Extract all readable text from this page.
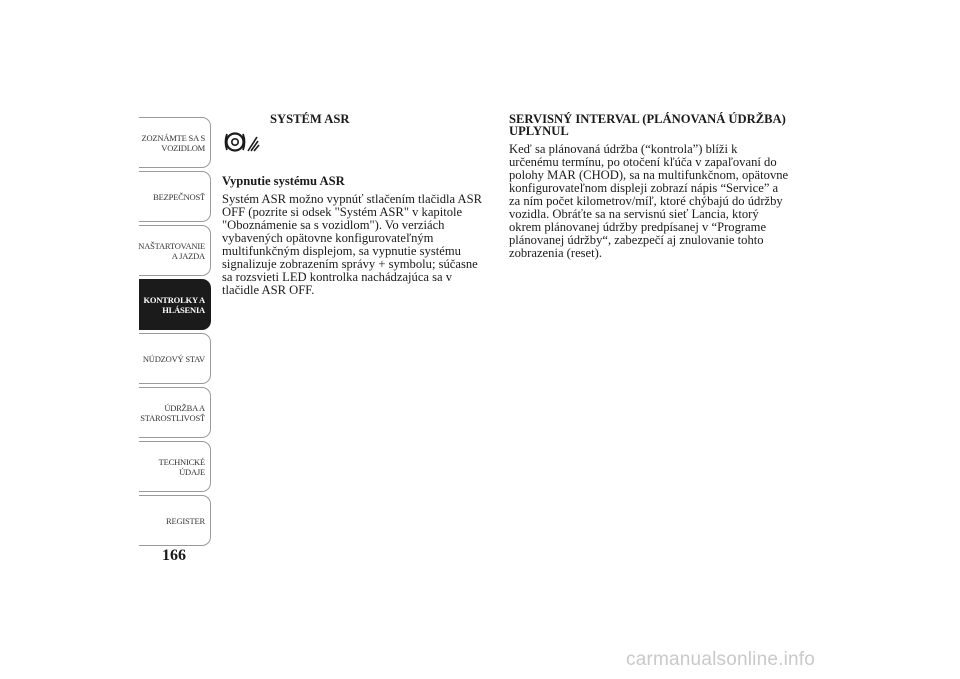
ZOZNÁMTE SA S
VOZIDLOM
BEZPEČNOSŤ
NAŠTARTOVANIE
A JAZDA
KONTROLKY A
HLÁSENIA
NÚDZOVÝ STAV
ÚDRŽBA A
STAROSTLIVOSŤ
TECHNICKÉ
ÚDAJE
REGISTER
166
SYSTÉM ASR
Vypnutie systému ASR

Systém ASR možno vypnúť stlačením tlačidla ASR OFF (pozrite si odsek "Systém ASR" v kapitole "Oboznámenie sa s vozidlom"). Vo verziách vybavených opätovne konfigurovateľným multifunkčným displejom, sa vypnutie systému signalizuje zobrazením správy + symbolu; súčasne sa rozsvieti LED kontrolka nachádzajúca sa v tlačidle ASR OFF.

SERVISNÝ INTERVAL (PLÁNOVANÁ ÚDRŽBA) UPLYNUL

Keď sa plánovaná údržba (“kontrola”) blíži k určenému termínu, po otočení kľúča v zapaľovaní do polohy MAR (CHOD), sa na multifunkčnom, opätovne konfigurovateľnom displeji zobrazí nápis “Service” a za ním počet kilometrov/míľ, ktoré chýbajú do údržby vozidla. Obráťte sa na servisnú sieť Lancia, ktorý okrem plánovanej údržby predpísanej v “Programe plánovanej údržby“, zabezpečí aj znulovanie tohto zobrazenia (reset).

carmanualsonline.info
